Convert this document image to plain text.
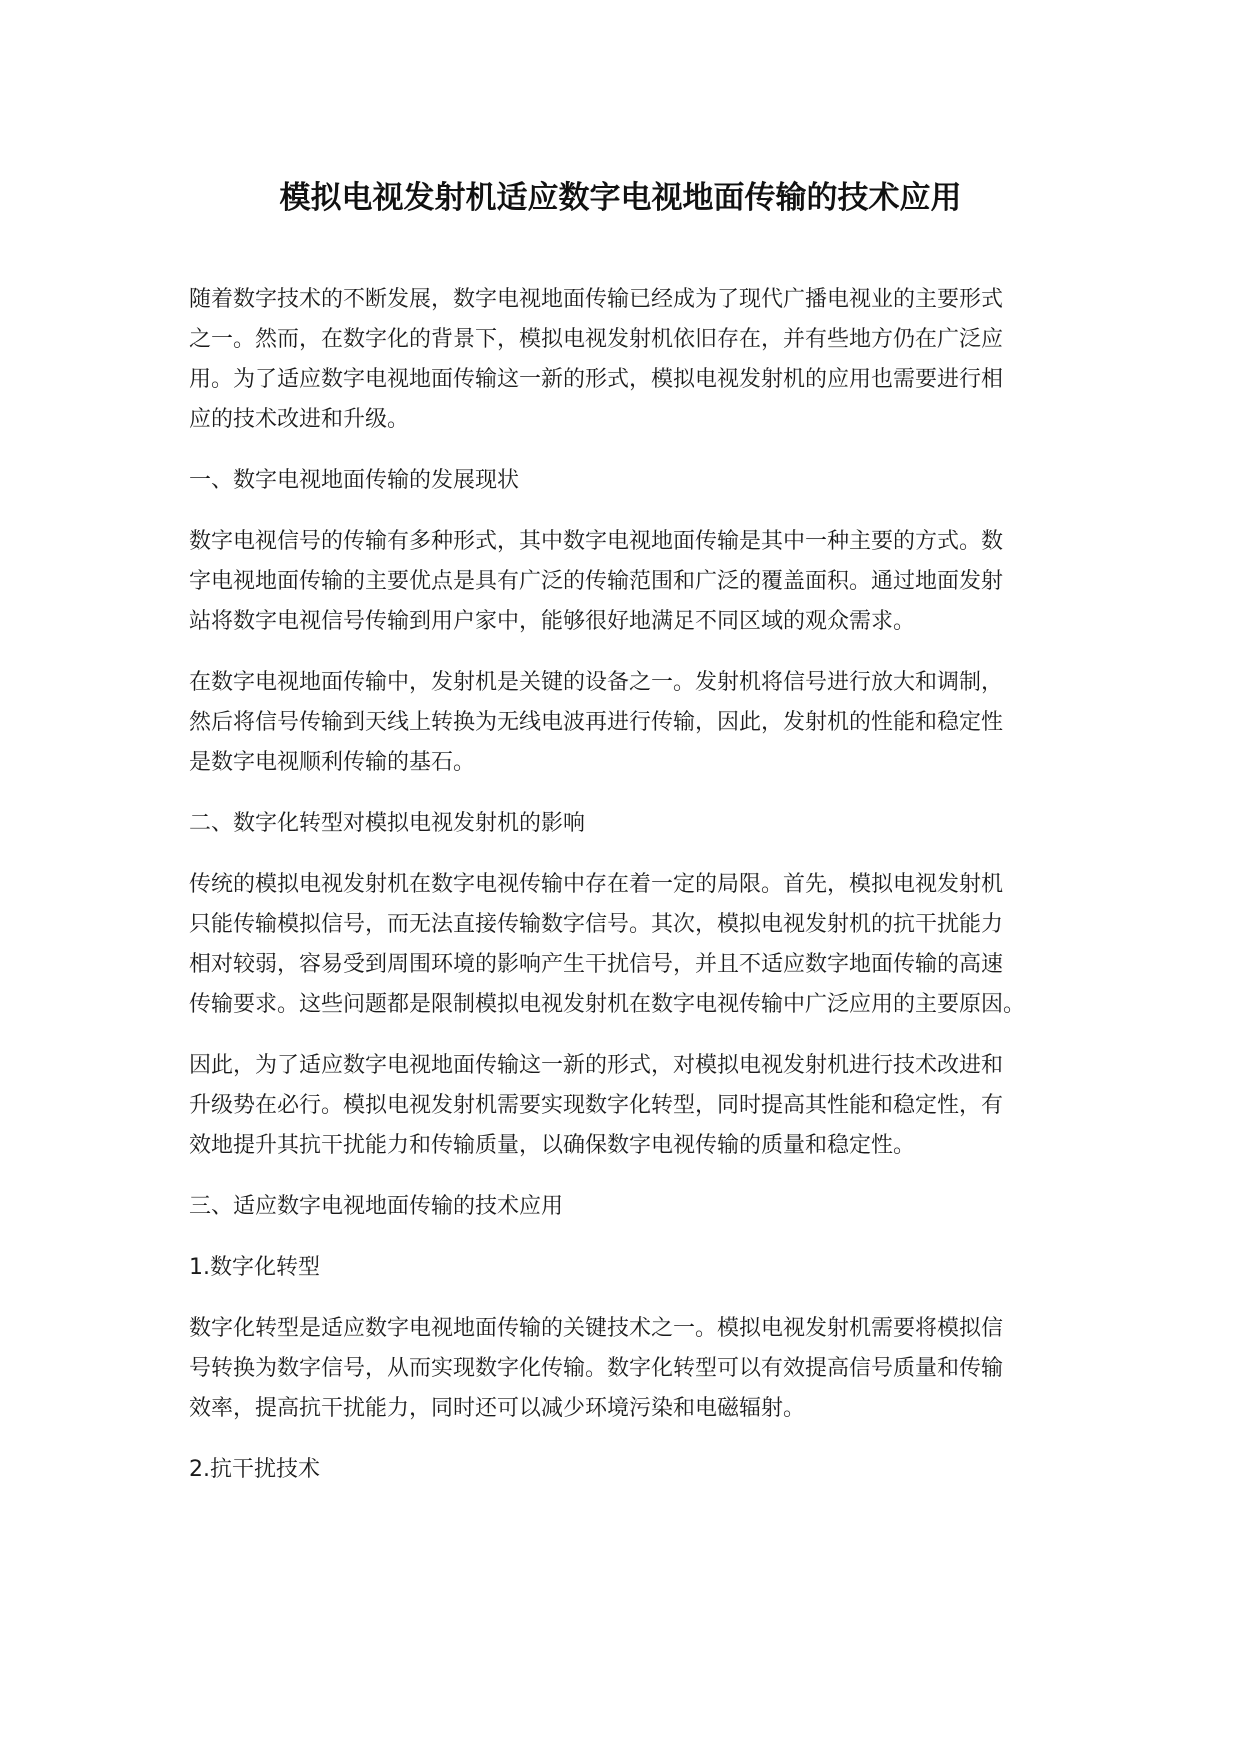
模拟电视发射机适应数字电视地面传输的技术应用

随着数字技术的不断发展，数字电视地面传输已经成为了现代广播电视业的主要形式
之一。然而，在数字化的背景下，模拟电视发射机依旧存在，并有些地方仍在广泛应
用。为了适应数字电视地面传输这一新的形式，模拟电视发射机的应用也需要进行相
应的技术改进和升级。

一、数字电视地面传输的发展现状

数字电视信号的传输有多种形式，其中数字电视地面传输是其中一种主要的方式。数
字电视地面传输的主要优点是具有广泛的传输范围和广泛的覆盖面积。通过地面发射
站将数字电视信号传输到用户家中，能够很好地满足不同区域的观众需求。

在数字电视地面传输中，发射机是关键的设备之一。发射机将信号进行放大和调制，
然后将信号传输到天线上转换为无线电波再进行传输，因此，发射机的性能和稳定性
是数字电视顺利传输的基石。

二、数字化转型对模拟电视发射机的影响

传统的模拟电视发射机在数字电视传输中存在着一定的局限。首先，模拟电视发射机
只能传输模拟信号，而无法直接传输数字信号。其次，模拟电视发射机的抗干扰能力
相对较弱，容易受到周围环境的影响产生干扰信号，并且不适应数字地面传输的高速
传输要求。这些问题都是限制模拟电视发射机在数字电视传输中广泛应用的主要原因。

因此，为了适应数字电视地面传输这一新的形式，对模拟电视发射机进行技术改进和
升级势在必行。模拟电视发射机需要实现数字化转型，同时提高其性能和稳定性，有
效地提升其抗干扰能力和传输质量，以确保数字电视传输的质量和稳定性。

三、适应数字电视地面传输的技术应用

1.数字化转型

数字化转型是适应数字电视地面传输的关键技术之一。模拟电视发射机需要将模拟信
号转换为数字信号，从而实现数字化传输。数字化转型可以有效提高信号质量和传输
效率，提高抗干扰能力，同时还可以减少环境污染和电磁辐射。

2.抗干扰技术
